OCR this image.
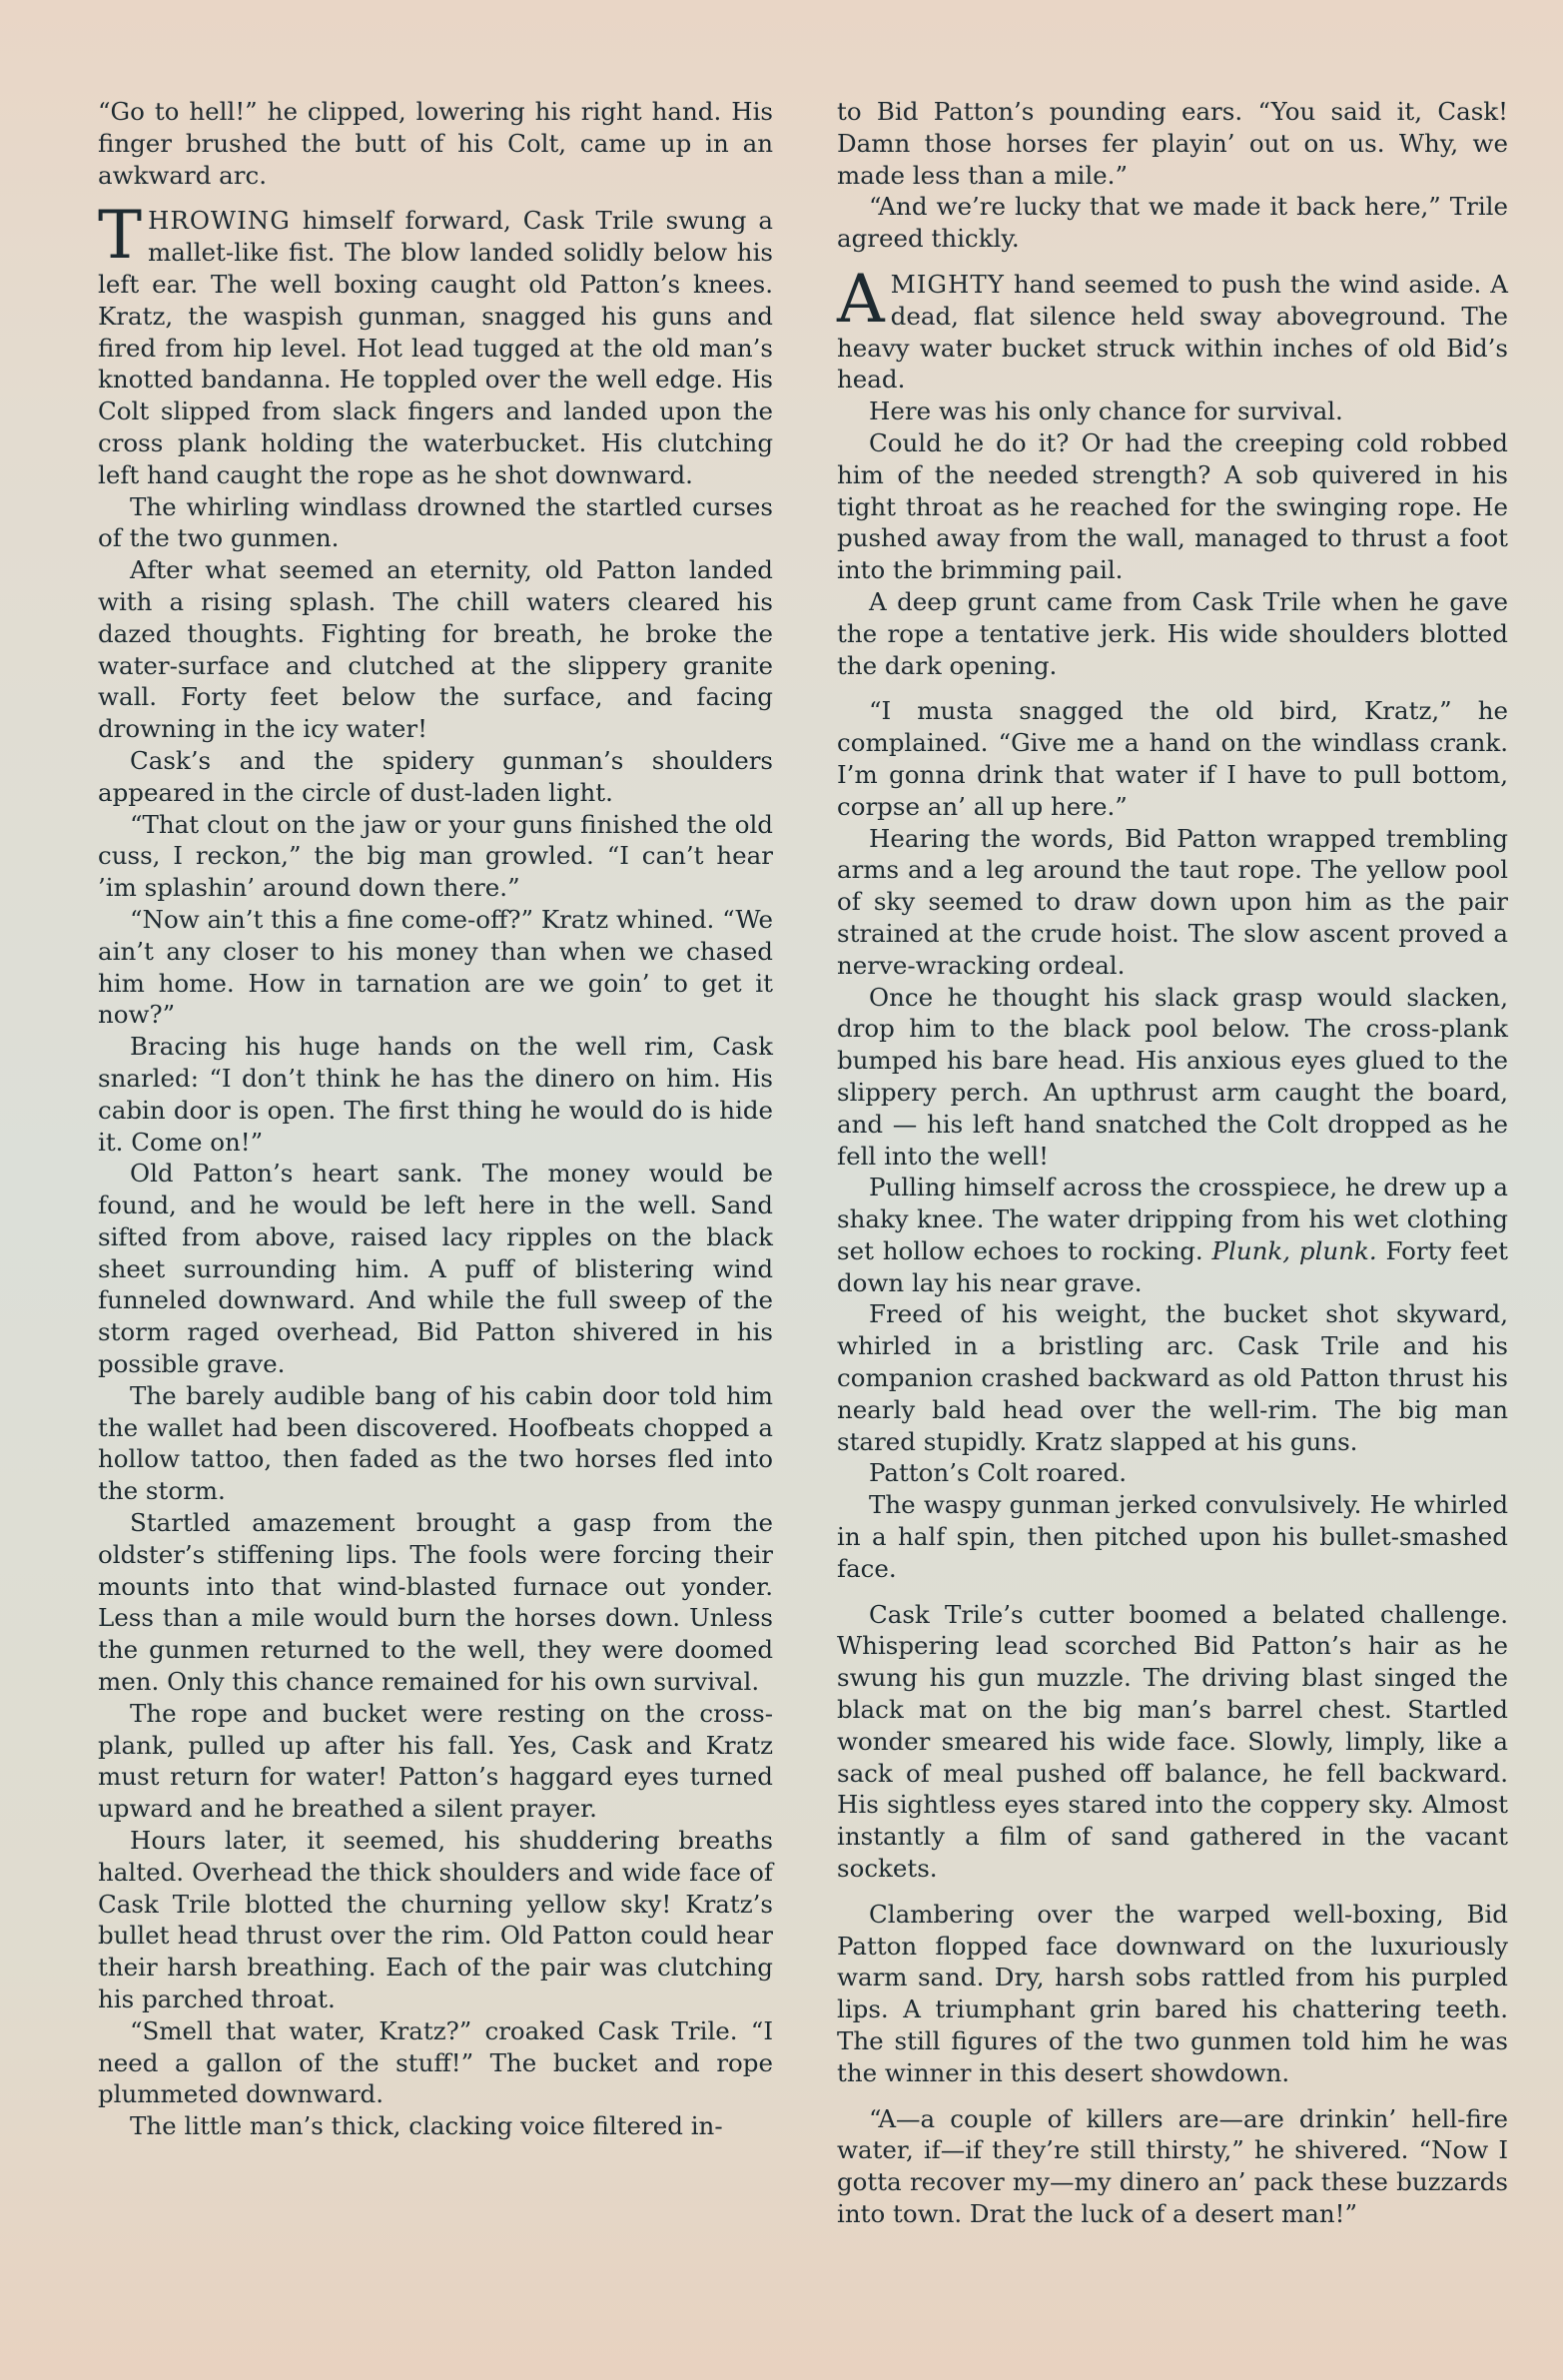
“Go to hell!” he clipped, lowering his right hand. His finger brushed the butt of his Colt, came up in an awkward arc.

THROWING himself forward, Cask Trile swung a mallet-like fist. The blow landed solidly below his left ear. The well boxing caught old Patton’s knees. Kratz, the waspish gunman, snagged his guns and fired from hip level. Hot lead tugged at the old man’s knotted bandanna. He toppled over the well edge. His Colt slipped from slack fingers and landed upon the cross plank holding the waterbucket. His clutching left hand caught the rope as he shot downward.

The whirling windlass drowned the startled curses of the two gunmen.

After what seemed an eternity, old Patton landed with a rising splash. The chill waters cleared his dazed thoughts. Fighting for breath, he broke the water-surface and clutched at the slippery granite wall. Forty feet below the surface, and facing drowning in the icy water!

Cask’s and the spidery gunman’s shoulders appeared in the circle of dust-laden light.

“That clout on the jaw or your guns finished the old cuss, I reckon,” the big man growled. “I can’t hear ’im splashin’ around down there.”

“Now ain’t this a fine come-off?” Kratz whined. “We ain’t any closer to his money than when we chased him home. How in tarnation are we goin’ to get it now?”

Bracing his huge hands on the well rim, Cask snarled: “I don’t think he has the dinero on him. His cabin door is open. The first thing he would do is hide it. Come on!”

Old Patton’s heart sank. The money would be found, and he would be left here in the well. Sand sifted from above, raised lacy ripples on the black sheet surrounding him. A puff of blistering wind funneled downward. And while the full sweep of the storm raged overhead, Bid Patton shivered in his possible grave.

The barely audible bang of his cabin door told him the wallet had been discovered. Hoofbeats chopped a hollow tattoo, then faded as the two horses fled into the storm.

Startled amazement brought a gasp from the oldster’s stiffening lips. The fools were forcing their mounts into that wind-blasted furnace out yonder. Less than a mile would burn the horses down. Unless the gunmen returned to the well, they were doomed men. Only this chance remained for his own survival.

The rope and bucket were resting on the cross-plank, pulled up after his fall. Yes, Cask and Kratz must return for water! Patton’s haggard eyes turned upward and he breathed a silent prayer.

Hours later, it seemed, his shuddering breaths halted. Overhead the thick shoulders and wide face of Cask Trile blotted the churning yellow sky! Kratz’s bullet head thrust over the rim. Old Patton could hear their harsh breathing. Each of the pair was clutching his parched throat.

“Smell that water, Kratz?” croaked Cask Trile. “I need a gallon of the stuff!” The bucket and rope plummeted downward.

The little man’s thick, clacking voice filtered in-

to Bid Patton’s pounding ears. “You said it, Cask! Damn those horses fer playin’ out on us. Why, we made less than a mile.”

“And we’re lucky that we made it back here,” Trile agreed thickly.

AMIGHTY hand seemed to push the wind aside. A dead, flat silence held sway aboveground. The heavy water bucket struck within inches of old Bid’s head.

Here was his only chance for survival.

Could he do it? Or had the creeping cold robbed him of the needed strength? A sob quivered in his tight throat as he reached for the swinging rope. He pushed away from the wall, managed to thrust a foot into the brimming pail.

A deep grunt came from Cask Trile when he gave the rope a tentative jerk. His wide shoulders blotted the dark opening.

“I musta snagged the old bird, Kratz,” he complained. “Give me a hand on the windlass crank. I’m gonna drink that water if I have to pull bottom, corpse an’ all up here.”

Hearing the words, Bid Patton wrapped trembling arms and a leg around the taut rope. The yellow pool of sky seemed to draw down upon him as the pair strained at the crude hoist. The slow ascent proved a nerve-wracking ordeal.

Once he thought his slack grasp would slacken, drop him to the black pool below. The cross-plank bumped his bare head. His anxious eyes glued to the slippery perch. An upthrust arm caught the board, and — his left hand snatched the Colt dropped as he fell into the well!

Pulling himself across the crosspiece, he drew up a shaky knee. The water dripping from his wet clothing set hollow echoes to rocking. Plunk, plunk. Forty feet down lay his near grave.

Freed of his weight, the bucket shot skyward, whirled in a bristling arc. Cask Trile and his companion crashed backward as old Patton thrust his nearly bald head over the well-rim. The big man stared stupidly. Kratz slapped at his guns.

Patton’s Colt roared.

The waspy gunman jerked convulsively. He whirled in a half spin, then pitched upon his bullet-smashed face.

Cask Trile’s cutter boomed a belated challenge. Whispering lead scorched Bid Patton’s hair as he swung his gun muzzle. The driving blast singed the black mat on the big man’s barrel chest. Startled wonder smeared his wide face. Slowly, limply, like a sack of meal pushed off balance, he fell backward. His sightless eyes stared into the coppery sky. Almost instantly a film of sand gathered in the vacant sockets.

Clambering over the warped well-boxing, Bid Patton flopped face downward on the luxuriously warm sand. Dry, harsh sobs rattled from his purpled lips. A triumphant grin bared his chattering teeth. The still figures of the two gunmen told him he was the winner in this desert showdown.

“A—a couple of killers are—are drinkin’ hell-fire water, if—if they’re still thirsty,” he shivered. “Now I gotta recover my—my dinero an’ pack these buzzards into town. Drat the luck of a desert man!”
